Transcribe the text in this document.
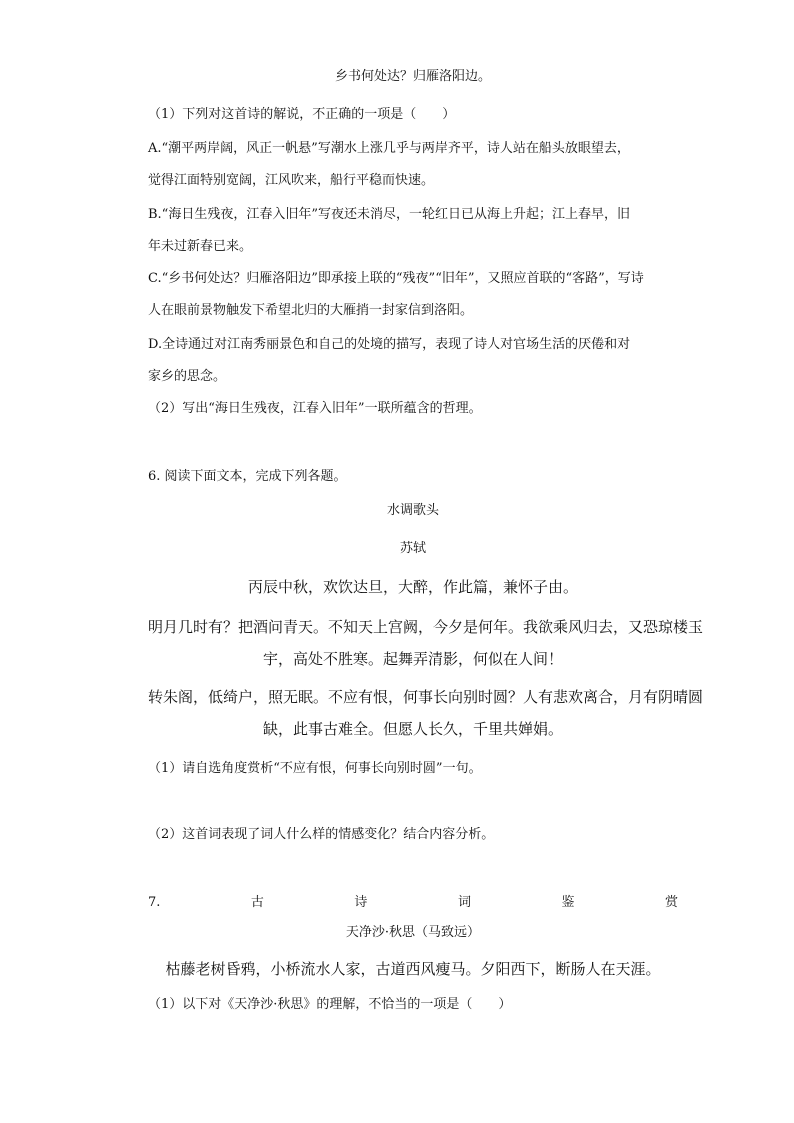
乡书何处达？归雁洛阳边。
（1）下列对这首诗的解说，不正确的一项是（　　）
A.“潮平两岸阔，风正一帆悬”写潮水上涨几乎与两岸齐平，诗人站在船头放眼望去，
觉得江面特别宽阔，江风吹来，船行平稳而快速。
B.“海日生残夜，江春入旧年”写夜还未消尽，一轮红日已从海上升起；江上春早，旧
年未过新春已来。
C.“乡书何处达？归雁洛阳边”即承接上联的“残夜”“旧年”，又照应首联的“客路”，写诗
人在眼前景物触发下希望北归的大雁捎一封家信到洛阳。
D.全诗通过对江南秀丽景色和自己的处境的描写，表现了诗人对官场生活的厌倦和对
家乡的思念。
（2）写出“海日生残夜，江春入旧年”一联所蕴含的哲理。
6. 阅读下面文本，完成下列各题。
水调歌头
苏轼
丙辰中秋，欢饮达旦，大醉，作此篇，兼怀子由。
明月几时有？把酒问青天。不知天上宫阙，今夕是何年。我欲乘风归去，又恐琼楼玉
宇，高处不胜寒。起舞弄清影，何似在人间！
转朱阁，低绮户，照无眠。不应有恨，何事长向别时圆？人有悲欢离合，月有阴晴圆
缺，此事古难全。但愿人长久，千里共婵娟。
（1）请自选角度赏析“不应有恨，何事长向别时圆”一句。
（2）这首词表现了词人什么样的情感变化？结合内容分析。
7.	古	诗	词	鉴	赏
天净沙·秋思（马致远）
枯藤老树昏鸦，小桥流水人家，古道西风瘦马。夕阳西下，断肠人在天涯。
（1）以下对《天净沙·秋思》的理解，不恰当的一项是（　　）
